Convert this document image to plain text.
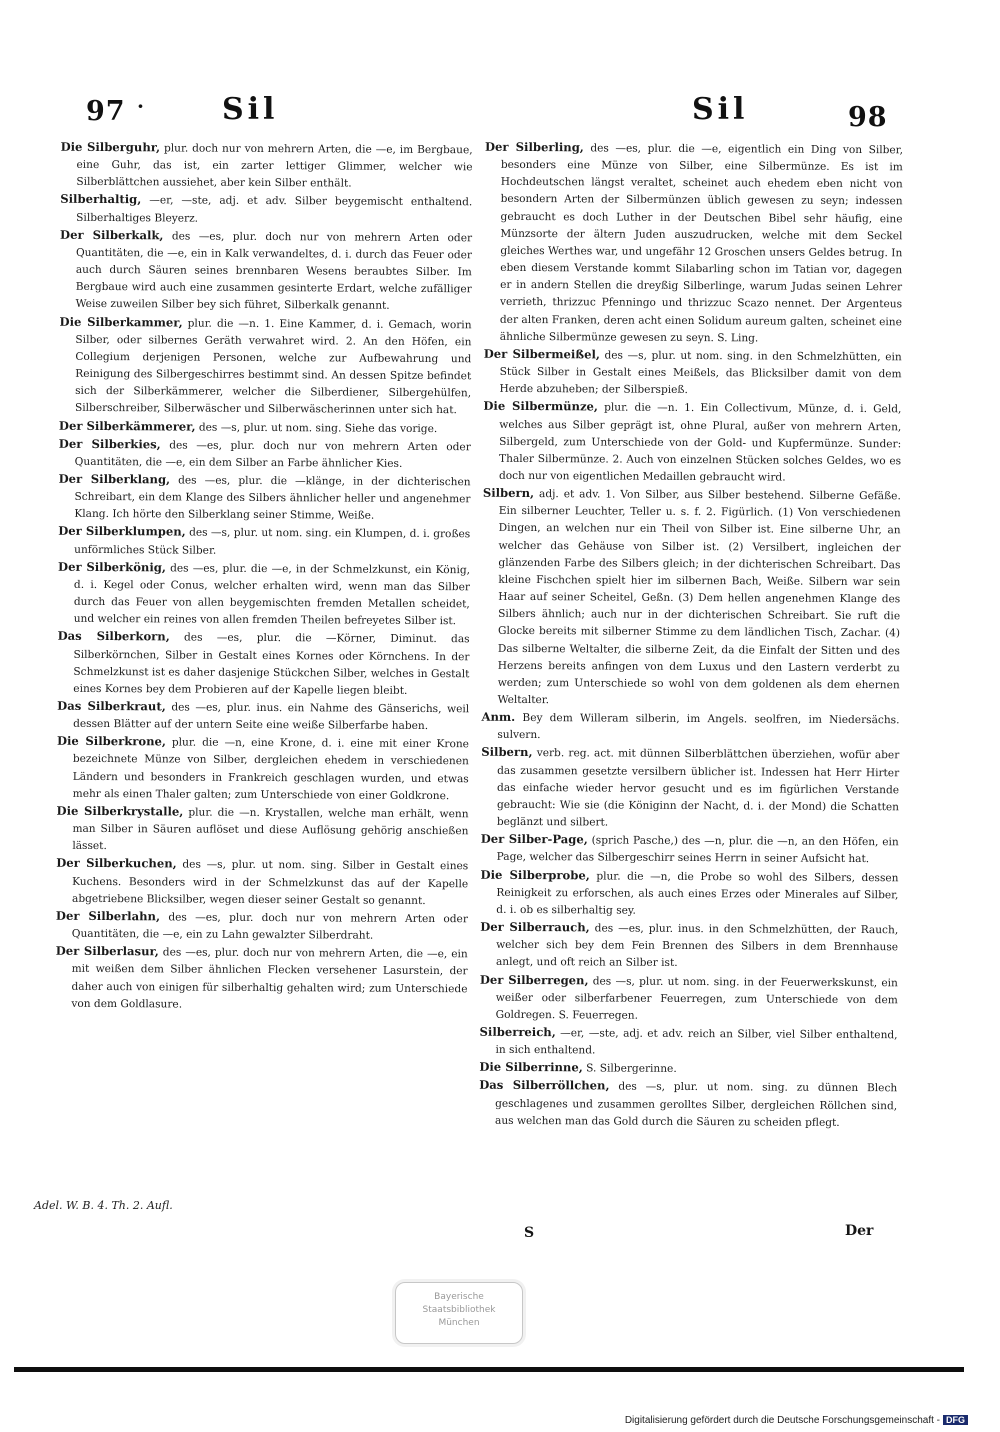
97 ·	Sil	Sil	98

Die Silberguhr, plur. doch nur von mehrern Arten, die —e, im Bergbaue, eine Guhr, das ist, ein zarter lettiger Glimmer, welcher wie Silberblättchen aussiehet, aber kein Silber enthält.

Silberhaltig, —er, —ste, adj. et adv. Silber beygemischt enthaltend. Silberhaltiges Bleyerz.

Der Silberkalk, des —es, plur. doch nur von mehrern Arten oder Quantitäten, die —e, ein in Kalk verwandeltes, d. i. durch das Feuer oder auch durch Säuren seines brennbaren Wesens beraubtes Silber. Im Bergbaue wird auch eine zusammen gesinterte Erdart, welche zufälliger Weise zuweilen Silber bey sich führet, Silberkalk genannt.

Die Silberkammer, plur. die —n. 1. Eine Kammer, d. i. Gemach, worin Silber, oder silbernes Geräth verwahret wird. 2. An den Höfen, ein Collegium derjenigen Personen, welche zur Aufbewahrung und Reinigung des Silbergeschirres bestimmt sind. An dessen Spitze befindet sich der Silberkämmerer, welcher die Silberdiener, Silbergehülfen, Silberschreiber, Silberwäscher und Silberwäscherinnen unter sich hat.

Der Silberkämmerer, des —s, plur. ut nom. sing. Siehe das vorige.

Der Silberkies, des —es, plur. doch nur von mehrern Arten oder Quantitäten, die —e, ein dem Silber an Farbe ähnlicher Kies.

Der Silberklang, des —es, plur. die —klänge, in der dichterischen Schreibart, ein dem Klange des Silbers ähnlicher heller und angenehmer Klang. Ich hörte den Silberklang seiner Stimme, Weiße.

Der Silberklumpen, des —s, plur. ut nom. sing. ein Klumpen, d. i. großes unförmliches Stück Silber.

Der Silberkönig, des —es, plur. die —e, in der Schmelzkunst, ein König, d. i. Kegel oder Conus, welcher erhalten wird, wenn man das Silber durch das Feuer von allen beygemischten fremden Metallen scheidet, und welcher ein reines von allen fremden Theilen befreyetes Silber ist.

Das Silberkorn, des —es, plur. die —Körner, Diminut. das Silberkörnchen, Silber in Gestalt eines Kornes oder Körnchens. In der Schmelzkunst ist es daher dasjenige Stückchen Silber, welches in Gestalt eines Kornes bey dem Probieren auf der Kapelle liegen bleibt.

Das Silberkraut, des —es, plur. inus. ein Nahme des Gänserichs, weil dessen Blätter auf der untern Seite eine weiße Silberfarbe haben.

Die Silberkrone, plur. die —n, eine Krone, d. i. eine mit einer Krone bezeichnete Münze von Silber, dergleichen ehedem in verschiedenen Ländern und besonders in Frankreich geschlagen wurden, und etwas mehr als einen Thaler galten; zum Unterschiede von einer Goldkrone.

Die Silberkrystalle, plur. die —n. Krystallen, welche man erhält, wenn man Silber in Säuren auflöset und diese Auflösung gehörig anschießen lässet.

Der Silberkuchen, des —s, plur. ut nom. sing. Silber in Gestalt eines Kuchens. Besonders wird in der Schmelzkunst das auf der Kapelle abgetriebene Blicksilber, wegen dieser seiner Gestalt so genannt.

Der Silberlahn, des —es, plur. doch nur von mehrern Arten oder Quantitäten, die —e, ein zu Lahn gewalzter Silberdraht.

Der Silberlasur, des —es, plur. doch nur von mehrern Arten, die —e, ein mit weißen dem Silber ähnlichen Flecken versehener Lasurstein, der daher auch von einigen für silberhaltig gehalten wird; zum Unterschiede von dem Goldlasure.

Der Silberling, des —es, plur. die —e, eigentlich ein Ding von Silber, besonders eine Münze von Silber, eine Silbermünze. Es ist im Hochdeutschen längst veraltet, scheinet auch ehedem eben nicht von besondern Arten der Silbermünzen üblich gewesen zu seyn; indessen gebraucht es doch Luther in der Deutschen Bibel sehr häufig, eine Münzsorte der ältern Juden auszudrucken, welche mit dem Seckel gleiches Werthes war, und ungefähr 12 Groschen unsers Geldes betrug. In eben diesem Verstande kommt Silabarling schon im Tatian vor, dagegen er in andern Stellen die dreyßig Silberlinge, warum Judas seinen Lehrer verrieth, thrizzuc Pfenningo und thrizzuc Scazo nennet. Der Argenteus der alten Franken, deren acht einen Solidum aureum galten, scheinet eine ähnliche Silbermünze gewesen zu seyn. S. Ling.

Der Silbermeißel, des —s, plur. ut nom. sing. in den Schmelzhütten, ein Stück Silber in Gestalt eines Meißels, das Blicksilber damit von dem Herde abzuheben; der Silberspieß.

Die Silbermünze, plur. die —n. 1. Ein Collectivum, Münze, d. i. Geld, welches aus Silber geprägt ist, ohne Plural, außer von mehrern Arten, Silbergeld, zum Unterschiede von der Gold- und Kupfermünze. Sunder: Thaler Silbermünze. 2. Auch von einzelnen Stücken solches Geldes, wo es doch nur von eigentlichen Medaillen gebraucht wird.

Silbern, adj. et adv. 1. Von Silber, aus Silber bestehend. Silberne Gefäße. Ein silberner Leuchter, Teller u. s. f. 2. Figürlich. (1) Von verschiedenen Dingen, an welchen nur ein Theil von Silber ist. Eine silberne Uhr, an welcher das Gehäuse von Silber ist. (2) Versilbert, ingleichen der glänzenden Farbe des Silbers gleich; in der dichterischen Schreibart. Das kleine Fischchen spielt hier im silbernen Bach, Weiße. Silbern war sein Haar auf seiner Scheitel, Geßn. (3) Dem hellen angenehmen Klange des Silbers ähnlich; auch nur in der dichterischen Schreibart. Sie ruft die Glocke bereits mit silberner Stimme zu dem ländlichen Tisch, Zachar. (4) Das silberne Weltalter, die silberne Zeit, da die Einfalt der Sitten und des Herzens bereits anfingen von dem Luxus und den Lastern verderbt zu werden; zum Unterschiede so wohl von dem goldenen als dem ehernen Weltalter.

Anm. Bey dem Willeram silberin, im Angels. seolfren, im Niedersächs. sulvern.

Silbern, verb. reg. act. mit dünnen Silberblättchen überziehen, wofür aber das zusammen gesetzte versilbern üblicher ist. Indessen hat Herr Hirter das einfache wieder hervor gesucht und es im figürlichen Verstande gebraucht: Wie sie (die Königinn der Nacht, d. i. der Mond) die Schatten beglänzt und silbert.

Der Silber-Page, (sprich Pasche,) des —n, plur. die —n, an den Höfen, ein Page, welcher das Silbergeschirr seines Herrn in seiner Aufsicht hat.

Die Silberprobe, plur. die —n, die Probe so wohl des Silbers, dessen Reinigkeit zu erforschen, als auch eines Erzes oder Minerales auf Silber, d. i. ob es silberhaltig sey.

Der Silberrauch, des —es, plur. inus. in den Schmelzhütten, der Rauch, welcher sich bey dem Fein Brennen des Silbers in dem Brennhause anlegt, und oft reich an Silber ist.

Der Silberregen, des —s, plur. ut nom. sing. in der Feuerwerkskunst, ein weißer oder silberfarbener Feuerregen, zum Unterschiede von dem Goldregen. S. Feuerregen.

Silberreich, —er, —ste, adj. et adv. reich an Silber, viel Silber enthaltend, in sich enthaltend.

Die Silberrinne, S. Silbergerinne.

Das Silberröllchen, des —s, plur. ut nom. sing. zu dünnen Blech geschlagenes und zusammen gerolltes Silber, dergleichen Röllchen sind, aus welchen man das Gold durch die Säuren zu scheiden pflegt.

Adel. W. B. 4. Th. 2. Aufl.
S	Der
Bayerische
Staatsbibliothek
München
Digitalisierung gefördert durch die Deutsche Forschungsgemeinschaft - DFG
